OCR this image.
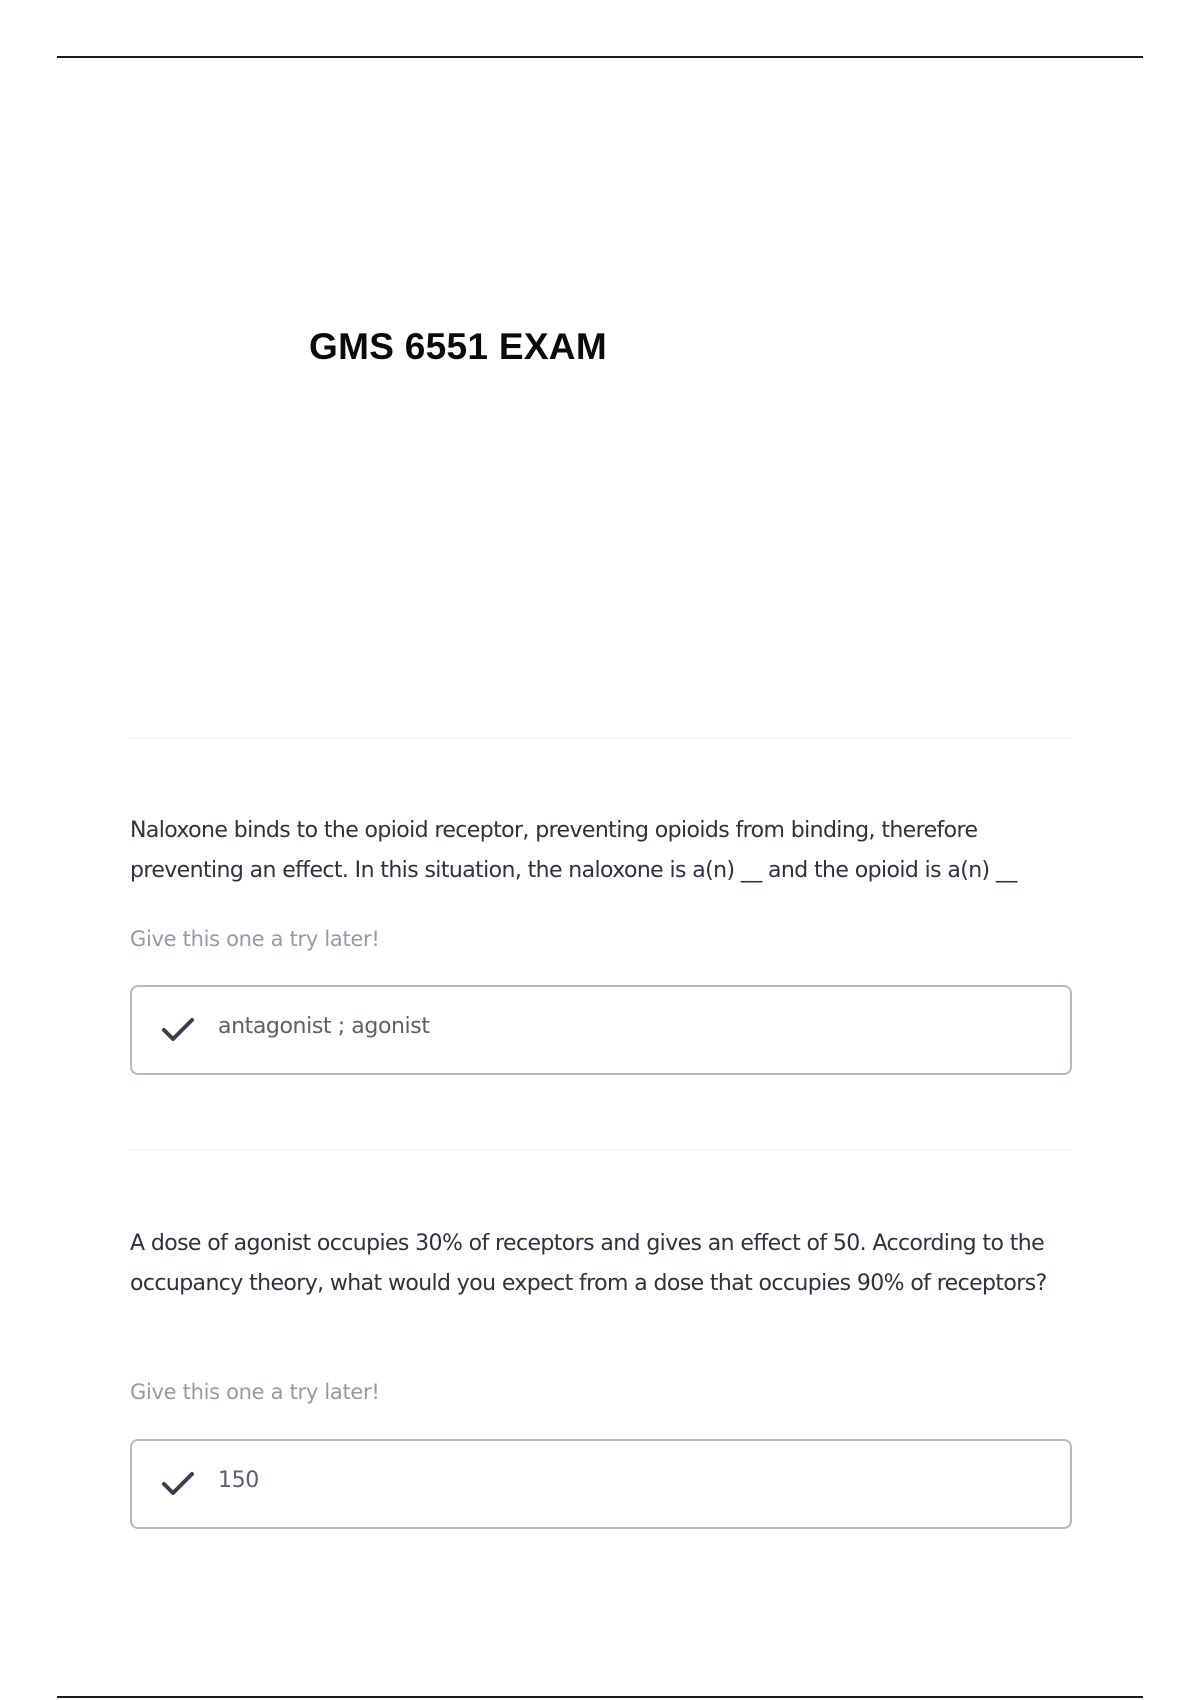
GMS 6551 EXAM

Naloxone binds to the opioid receptor, preventing opioids from binding, therefore preventing an effect. In this situation, the naloxone is a(n) __ and the opioid is a(n) __

Give this one a try later!

antagonist ; agonist

A dose of agonist occupies 30% of receptors and gives an effect of 50. According to the occupancy theory, what would you expect from a dose that occupies 90% of receptors?

Give this one a try later!

150
